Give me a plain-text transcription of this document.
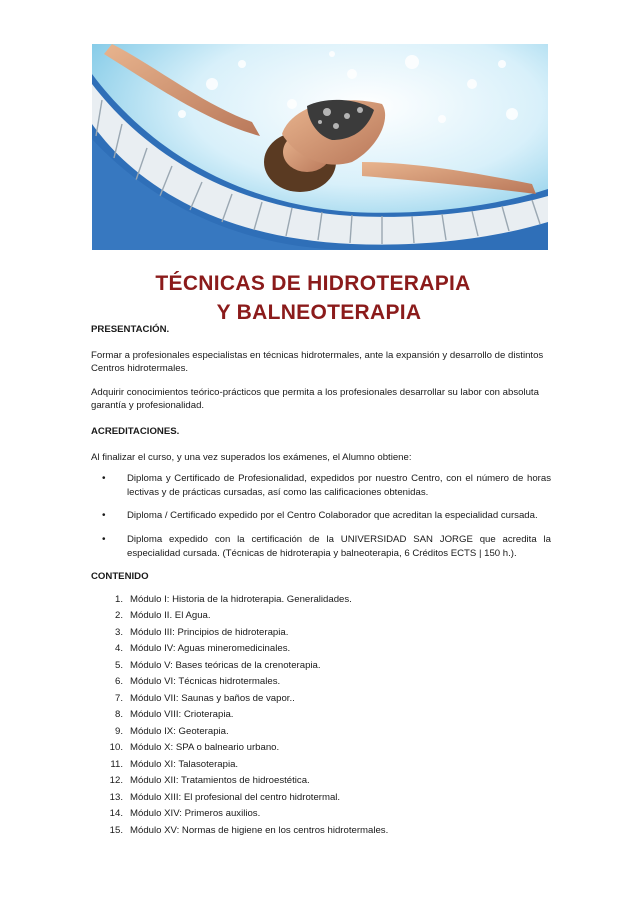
TÉCNICAS DE HIDROTERAPIA
Y BALNEOTERAPIA

PRESENTACIÓN.

Formar a profesionales especialistas en técnicas hidrotermales, ante la expansión y desarrollo de distintos Centros hidrotermales.

Adquirir conocimientos teórico-prácticos que permita a los profesionales desarrollar su labor con absoluta garantía y profesionalidad.

ACREDITACIONES.

Al finalizar el curso, y una vez superados los exámenes, el Alumno obtiene:

• Diploma y Certificado de Profesionalidad, expedidos por nuestro Centro, con el número de horas lectivas y de prácticas cursadas, así como las calificaciones obtenidas.
• Diploma / Certificado expedido por el Centro Colaborador que acreditan la especialidad cursada.
• Diploma expedido con la certificación de la UNIVERSIDAD SAN JORGE que acredita la especialidad cursada. (Técnicas de hidroterapia y balneoterapia, 6 Créditos ECTS | 150 h.).

CONTENIDO

1. Módulo I: Historia de la hidroterapia. Generalidades.
2. Módulo II. El Agua.
3. Módulo III: Principios de hidroterapia.
4. Módulo IV: Aguas mineromedicinales.
5. Módulo V: Bases teóricas de la crenoterapia.
6. Módulo VI: Técnicas hidrotermales.
7. Módulo VII: Saunas y baños de vapor..
8. Módulo VIII: Crioterapia.
9. Módulo IX: Geoterapia.
10. Módulo X: SPA o balneario urbano.
11. Módulo XI: Talasoterapia.
12. Módulo XII: Tratamientos de hidroestética.
13. Módulo XIII: El profesional del centro hidrotermal.
14. Módulo XIV: Primeros auxilios.
15. Módulo XV: Normas de higiene en los centros hidrotermales.
